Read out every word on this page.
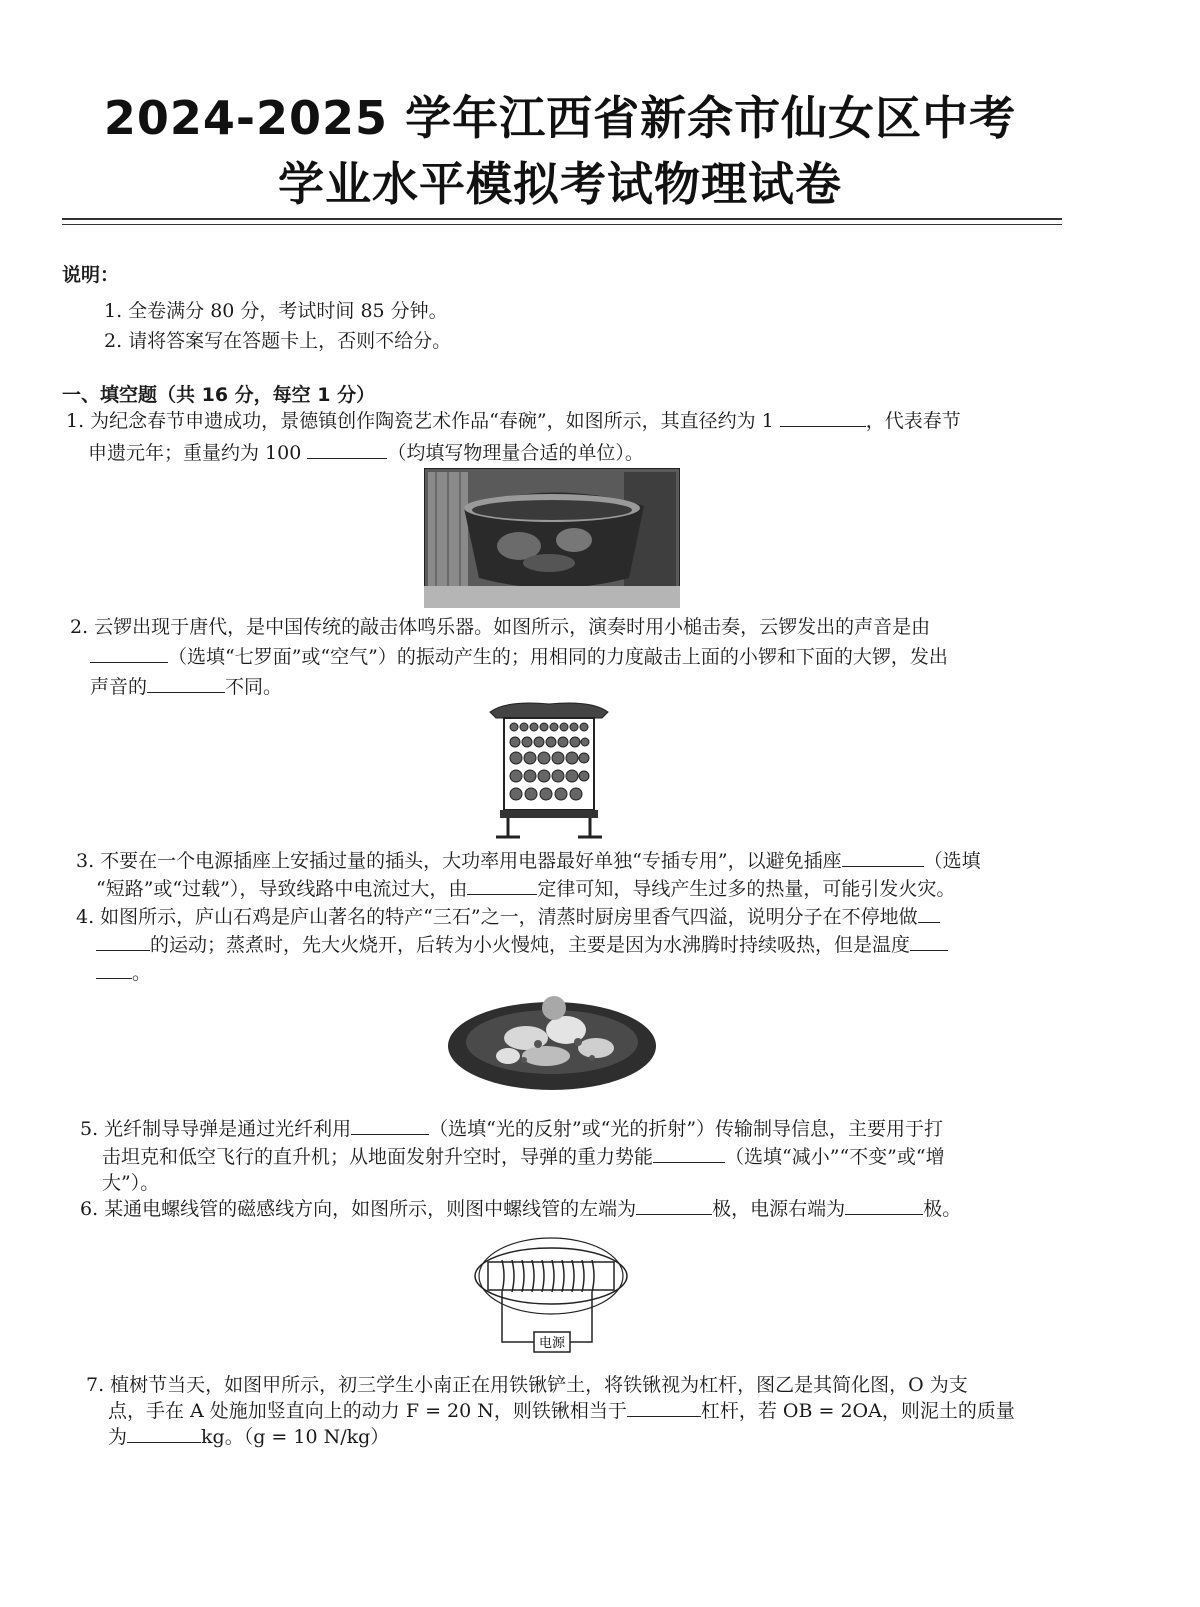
2024-2025 学年江西省新余市仙女区中考
学业水平模拟考试物理试卷
说明：
1. 全卷满分 80 分，考试时间 85 分钟。
2. 请将答案写在答题卡上，否则不给分。
一、填空题（共 16 分，每空 1 分）
1. 为纪念春节申遗成功，景德镇创作陶瓷艺术作品“春碗”，如图所示，其直径约为 1	，代表春节
申遗元年；重量约为 100	（均填写物理量合适的单位）。
2. 云锣出现于唐代，是中国传统的敲击体鸣乐器。如图所示，演奏时用小槌击奏，云锣发出的声音是由
（选填“七罗面”或“空气”）的振动产生的；用相同的力度敲击上面的小锣和下面的大锣，发出
声音的	不同。
3. 不要在一个电源插座上安插过量的插头，大功率用电器最好单独“专插专用”，以避免插座	（选填
“短路”或“过载”），导致线路中电流过大，由	定律可知，导线产生过多的热量，可能引发火灾。
4. 如图所示，庐山石鸡是庐山著名的特产“三石”之一，清蒸时厨房里香气四溢，说明分子在不停地做
的运动；蒸煮时，先大火烧开，后转为小火慢炖，主要是因为水沸腾时持续吸热，但是温度
。
5. 光纤制导导弹是通过光纤利用	（选填“光的反射”或“光的折射”）传输制导信息，主要用于打
击坦克和低空飞行的直升机；从地面发射升空时，导弹的重力势能	（选填“减小”“不变”或“增
大”）。
6. 某通电螺线管的磁感线方向，如图所示，则图中螺线管的左端为	极，电源右端为	极。
电源
7. 植树节当天，如图甲所示，初三学生小南正在用铁锹铲土，将铁锹视为杠杆，图乙是其简化图，O 为支
点，手在 A 处施加竖直向上的动力 F = 20 N，则铁锹相当于	杠杆，若 OB = 2OA，则泥土的质量
为	kg。（g = 10 N/kg）
